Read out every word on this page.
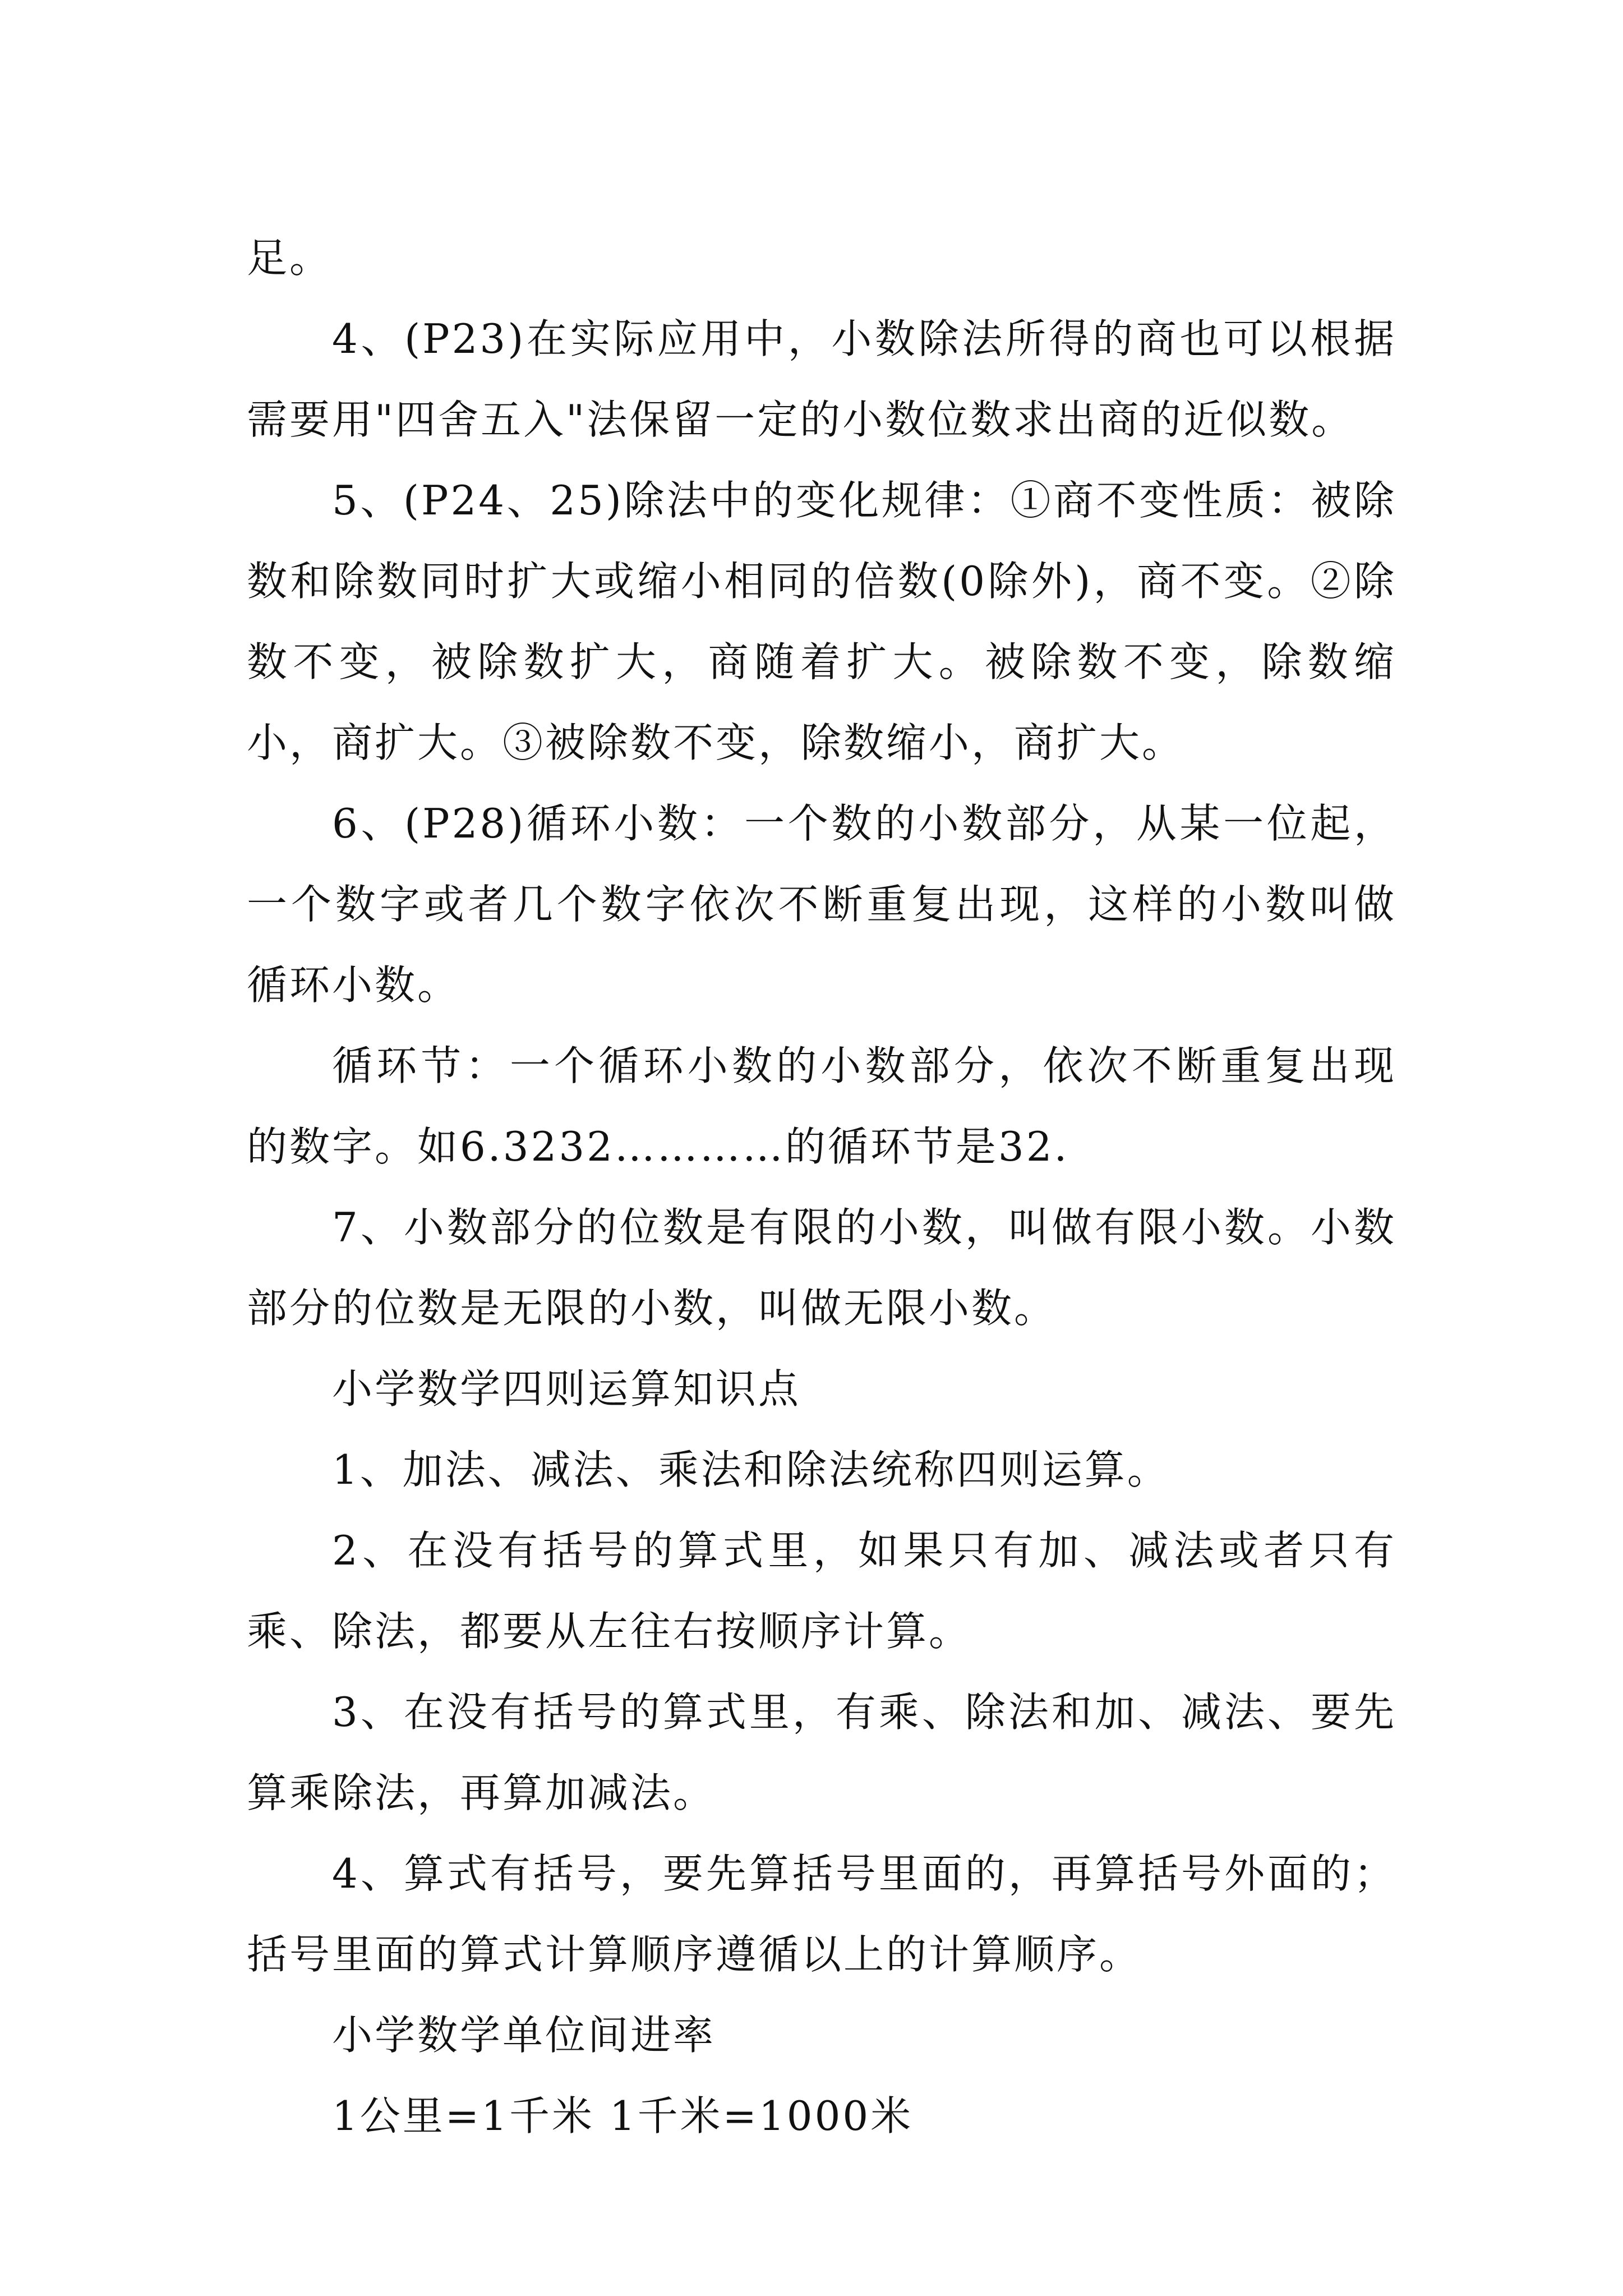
足。

4、(P23)在实际应用中，小数除法所得的商也可以根据需要用"四舍五入"法保留一定的小数位数求出商的近似数。

5、(P24、25)除法中的变化规律：①商不变性质：被除数和除数同时扩大或缩小相同的倍数(0除外)，商不变。②除数不变，被除数扩大，商随着扩大。被除数不变，除数缩小，商扩大。③被除数不变，除数缩小，商扩大。

6、(P28)循环小数：一个数的小数部分，从某一位起，一个数字或者几个数字依次不断重复出现，这样的小数叫做循环小数。

循环节：一个循环小数的小数部分，依次不断重复出现的数字。如6.3232…………的循环节是32.

7、小数部分的位数是有限的小数，叫做有限小数。小数部分的位数是无限的小数，叫做无限小数。

小学数学四则运算知识点

1、加法、减法、乘法和除法统称四则运算。

2、在没有括号的算式里，如果只有加、减法或者只有乘、除法，都要从左往右按顺序计算。

3、在没有括号的算式里，有乘、除法和加、减法、要先算乘除法，再算加减法。

4、算式有括号，要先算括号里面的，再算括号外面的；括号里面的算式计算顺序遵循以上的计算顺序。

小学数学单位间进率

1公里=1千米 1千米=1000米
